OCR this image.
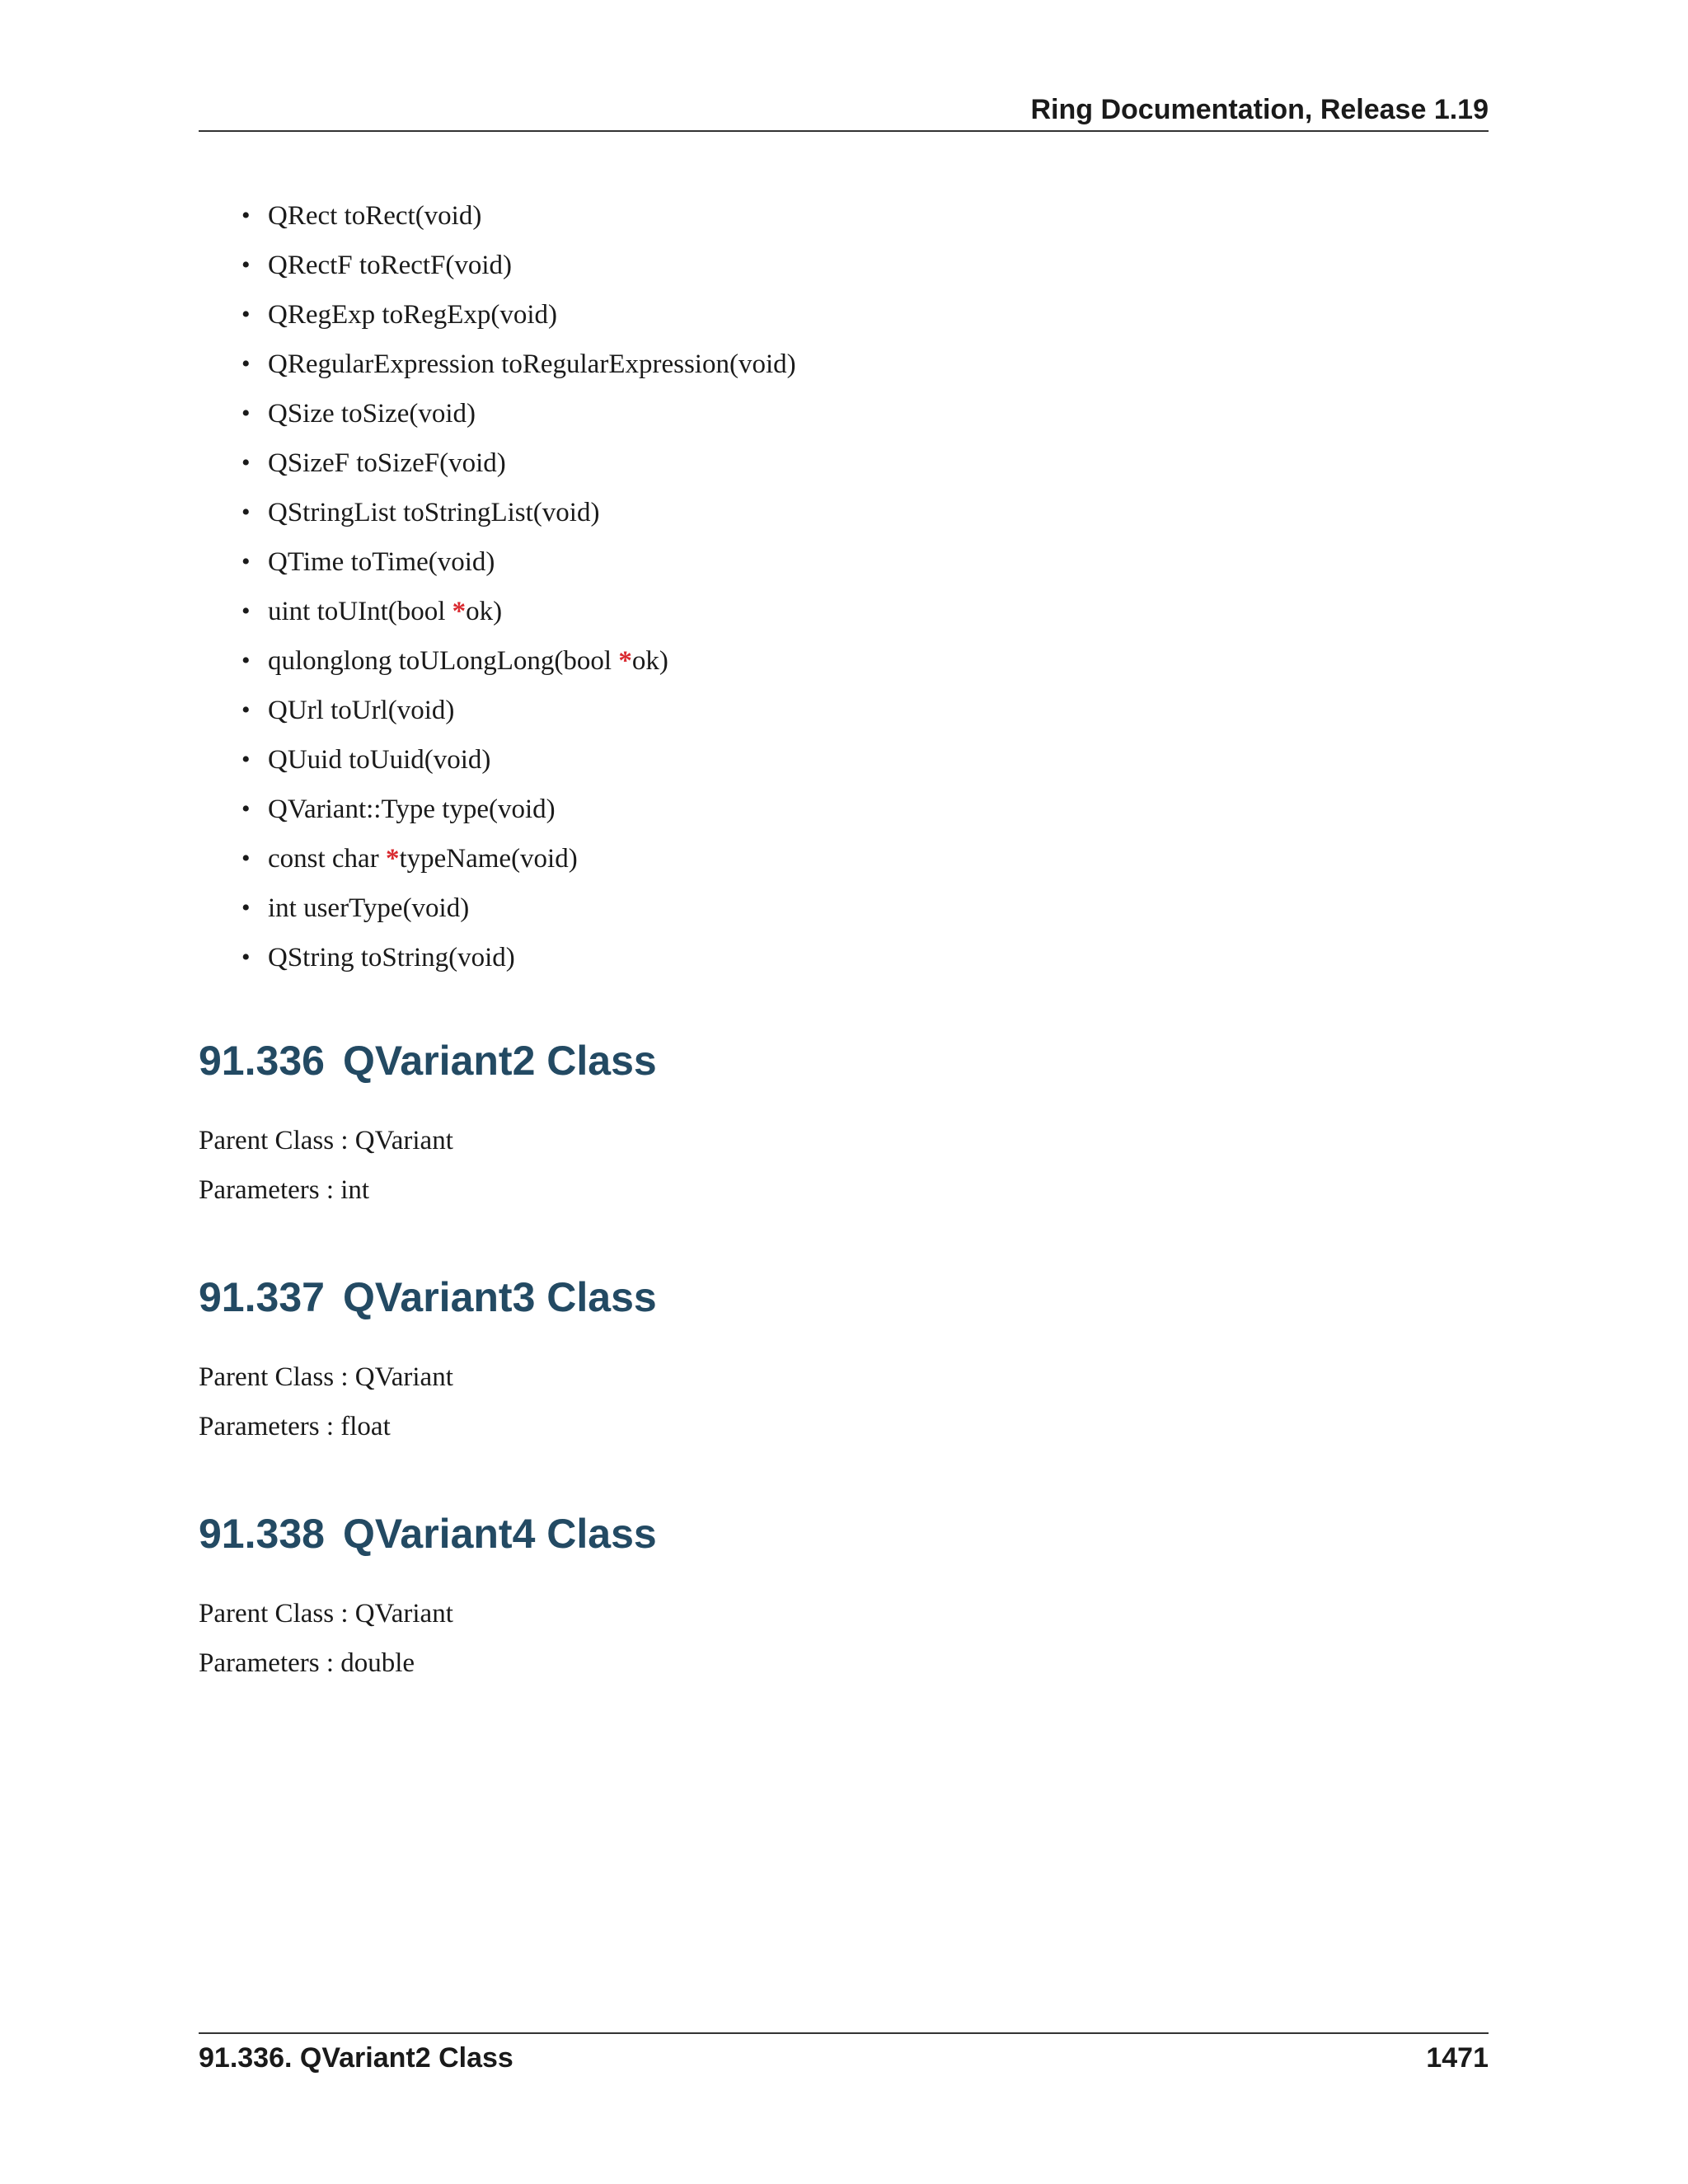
Ring Documentation, Release 1.19
• QRect toRect(void)
• QRectF toRectF(void)
• QRegExp toRegExp(void)
• QRegularExpression toRegularExpression(void)
• QSize toSize(void)
• QSizeF toSizeF(void)
• QStringList toStringList(void)
• QTime toTime(void)
• uint toUInt(bool *ok)
• qulonglong toULongLong(bool *ok)
• QUrl toUrl(void)
• QUuid toUuid(void)
• QVariant::Type type(void)
• const char *typeName(void)
• int userType(void)
• QString toString(void)
91.336 QVariant2 Class
Parent Class : QVariant
Parameters : int
91.337 QVariant3 Class
Parent Class : QVariant
Parameters : float
91.338 QVariant4 Class
Parent Class : QVariant
Parameters : double
91.336. QVariant2 Class	1471
